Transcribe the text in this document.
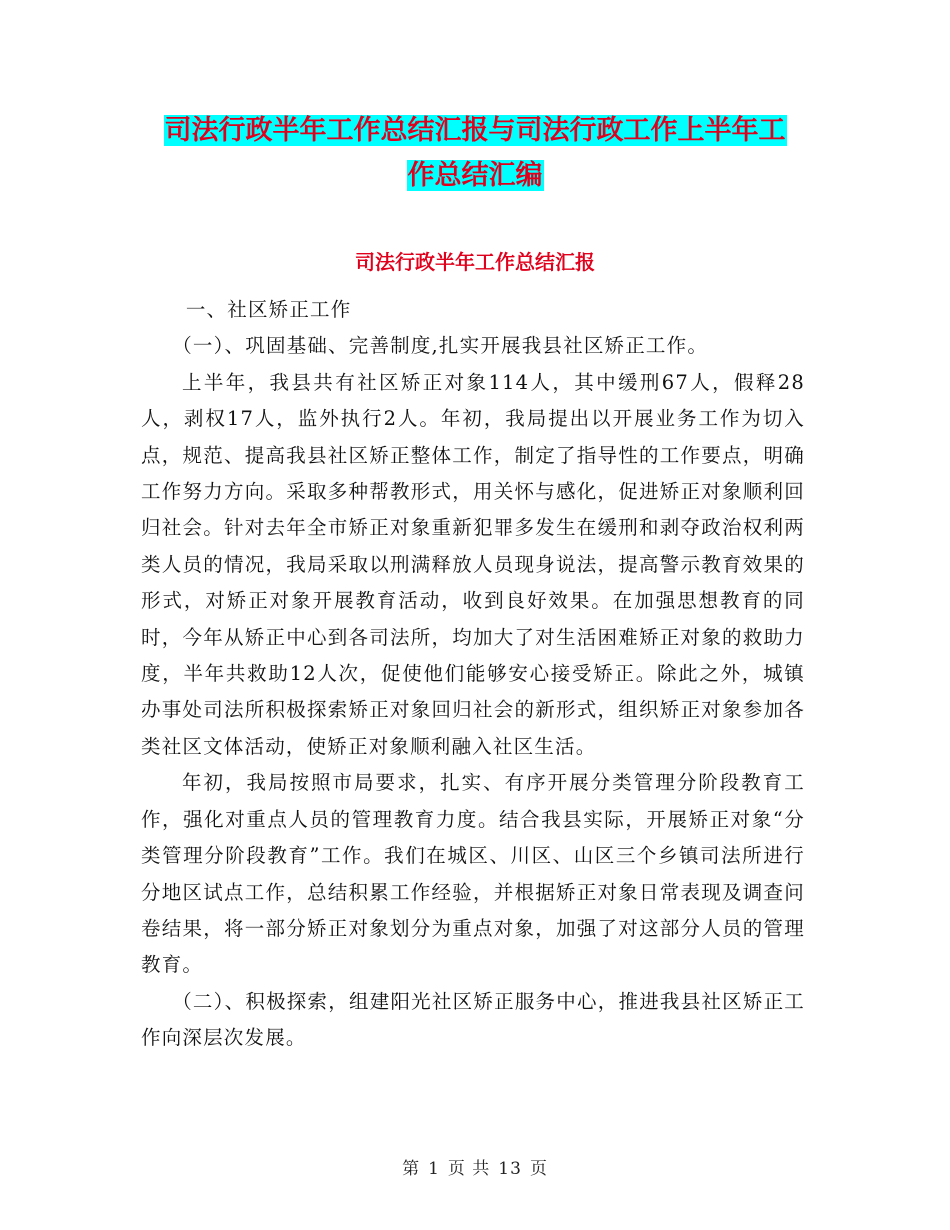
司法行政半年工作总结汇报与司法行政工作上半年工
作总结汇编
司法行政半年工作总结汇报

一、社区矫正工作

（一）、巩固基础、完善制度,扎实开展我县社区矫正工作。

上半年，我县共有社区矫正对象114人，其中缓刑67人，假释28人，剥权17人，监外执行2人。年初，我局提出以开展业务工作为切入点，规范、提高我县社区矫正整体工作，制定了指导性的工作要点，明确工作努力方向。采取多种帮教形式，用关怀与感化，促进矫正对象顺利回归社会。针对去年全市矫正对象重新犯罪多发生在缓刑和剥夺政治权利两类人员的情况，我局采取以刑满释放人员现身说法，提高警示教育效果的形式，对矫正对象开展教育活动，收到良好效果。在加强思想教育的同时，今年从矫正中心到各司法所，均加大了对生活困难矫正对象的救助力度，半年共救助12人次，促使他们能够安心接受矫正。除此之外，城镇办事处司法所积极探索矫正对象回归社会的新形式，组织矫正对象参加各类社区文体活动，使矫正对象顺利融入社区生活。

年初，我局按照市局要求，扎实、有序开展分类管理分阶段教育工作，强化对重点人员的管理教育力度。结合我县实际，开展矫正对象“分类管理分阶段教育”工作。我们在城区、川区、山区三个乡镇司法所进行分地区试点工作，总结积累工作经验，并根据矫正对象日常表现及调查问卷结果，将一部分矫正对象划分为重点对象，加强了对这部分人员的管理教育。

（二）、积极探索，组建阳光社区矫正服务中心，推进我县社区矫正工作向深层次发展。

第 1 页 共 13 页
